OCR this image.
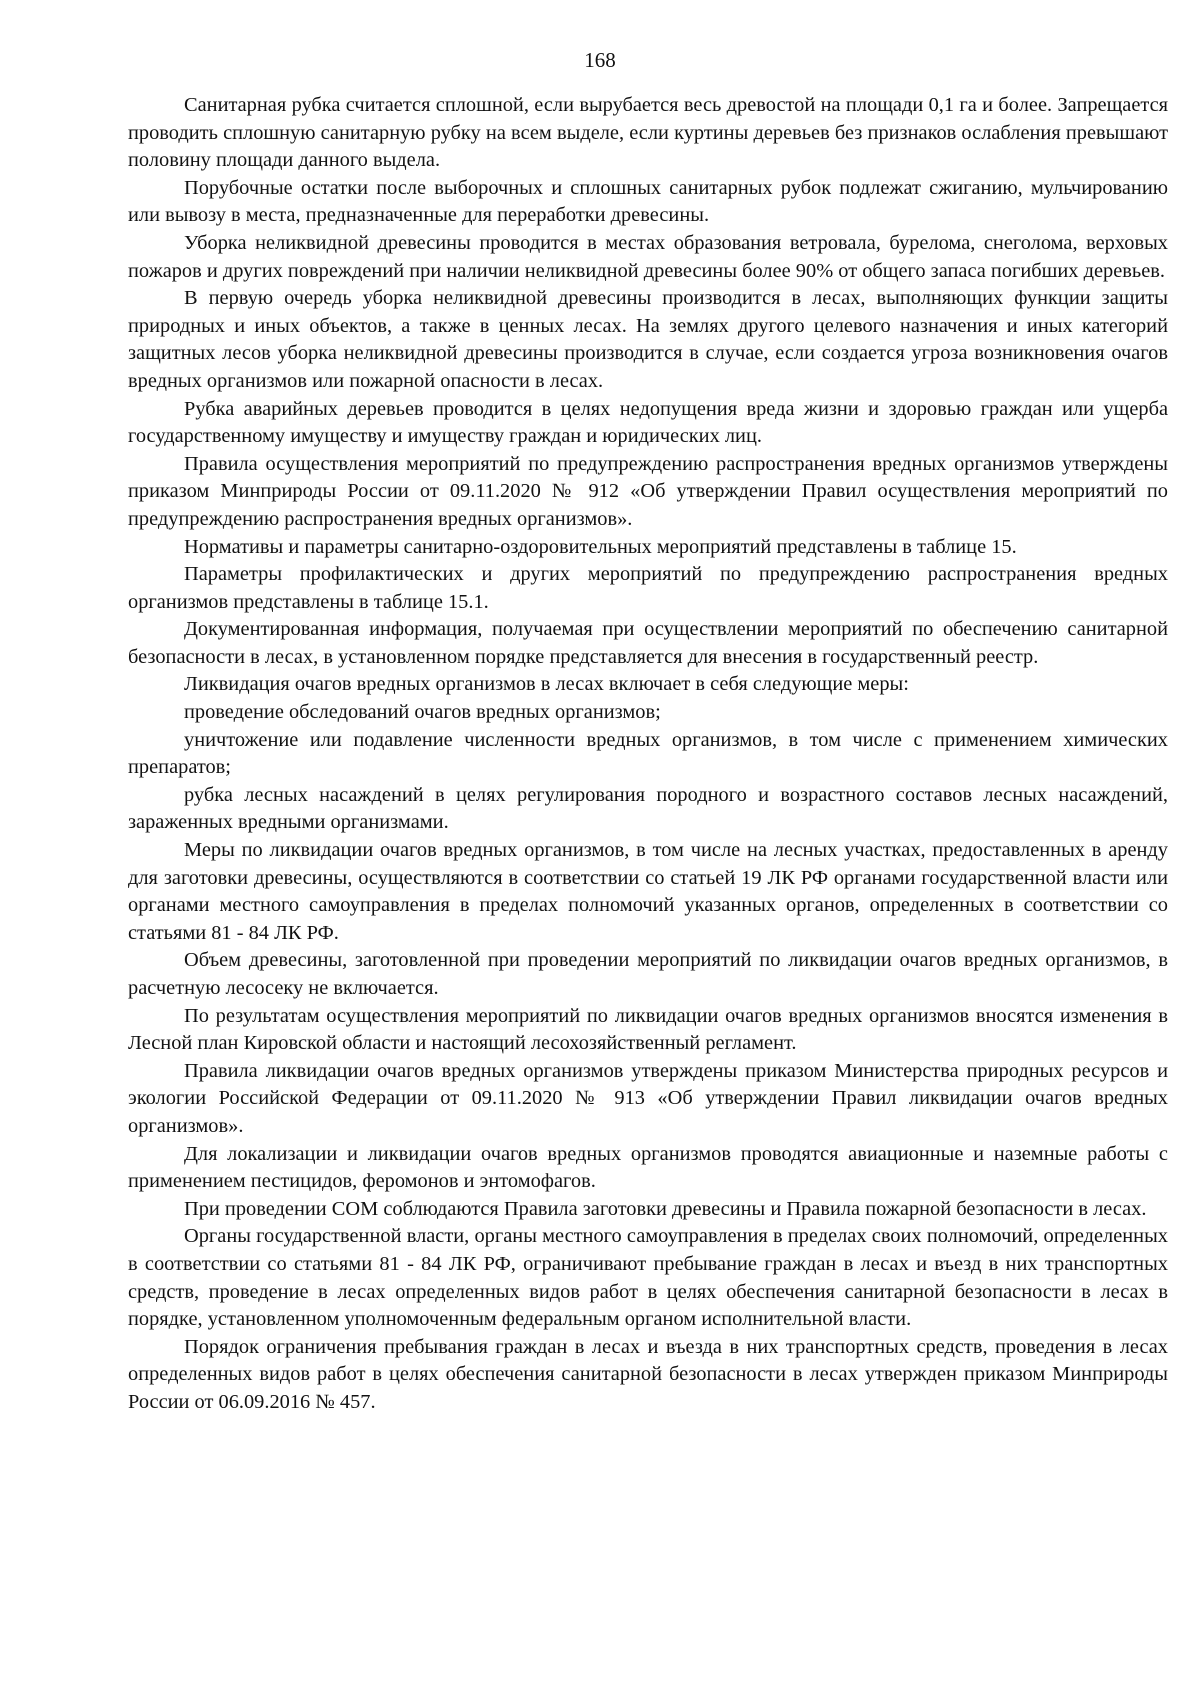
168

Санитарная рубка считается сплошной, если вырубается весь древостой на площади 0,1 га и более. Запрещается проводить сплошную санитарную рубку на всем выделе, если куртины деревьев без признаков ослабления превышают половину площади данного выдела.

Порубочные остатки после выборочных и сплошных санитарных рубок подлежат сжиганию, мульчированию или вывозу в места, предназначенные для переработки древесины.

Уборка неликвидной древесины проводится в местах образования ветровала, бурелома, снеголома, верховых пожаров и других повреждений при наличии неликвидной древесины более 90% от общего запаса погибших деревьев.

В первую очередь уборка неликвидной древесины производится в лесах, выполняющих функции защиты природных и иных объектов, а также в ценных лесах. На землях другого целевого назначения и иных категорий защитных лесов уборка неликвидной древесины производится в случае, если создается угроза возникновения очагов вредных организмов или пожарной опасности в лесах.

Рубка аварийных деревьев проводится в целях недопущения вреда жизни и здоровью граждан или ущерба государственному имуществу и имуществу граждан и юридических лиц.

Правила осуществления мероприятий по предупреждению распространения вредных организмов утверждены приказом Минприроды России от 09.11.2020 № 912 «Об утверждении Правил осуществления мероприятий по предупреждению распространения вредных организмов».

Нормативы и параметры санитарно-оздоровительных мероприятий представлены в таблице 15.

Параметры профилактических и других мероприятий по предупреждению распространения вредных организмов представлены в таблице 15.1.

Документированная информация, получаемая при осуществлении мероприятий по обеспечению санитарной безопасности в лесах, в установленном порядке представляется для внесения в государственный реестр.

Ликвидация очагов вредных организмов в лесах включает в себя следующие меры:

проведение обследований очагов вредных организмов;

уничтожение или подавление численности вредных организмов, в том числе с применением химических препаратов;

рубка лесных насаждений в целях регулирования породного и возрастного составов лесных насаждений, зараженных вредными организмами.

Меры по ликвидации очагов вредных организмов, в том числе на лесных участках, предоставленных в аренду для заготовки древесины, осуществляются в соответствии со статьей 19 ЛК РФ органами государственной власти или органами местного самоуправления в пределах полномочий указанных органов, определенных в соответствии со статьями 81 - 84 ЛК РФ.

Объем древесины, заготовленной при проведении мероприятий по ликвидации очагов вредных организмов, в расчетную лесосеку не включается.

По результатам осуществления мероприятий по ликвидации очагов вредных организмов вносятся изменения в Лесной план Кировской области и настоящий лесохозяйственный регламент.

Правила ликвидации очагов вредных организмов утверждены приказом Министерства природных ресурсов и экологии Российской Федерации от 09.11.2020 № 913 «Об утверждении Правил ликвидации очагов вредных организмов».

Для локализации и ликвидации очагов вредных организмов проводятся авиационные и наземные работы с применением пестицидов, феромонов и энтомофагов.

При проведении СОМ соблюдаются Правила заготовки древесины и Правила пожарной безопасности в лесах.

Органы государственной власти, органы местного самоуправления в пределах своих полномочий, определенных в соответствии со статьями 81 - 84 ЛК РФ, ограничивают пребывание граждан в лесах и въезд в них транспортных средств, проведение в лесах определенных видов работ в целях обеспечения санитарной безопасности в лесах в порядке, установленном уполномоченным федеральным органом исполнительной власти.

Порядок ограничения пребывания граждан в лесах и въезда в них транспортных средств, проведения в лесах определенных видов работ в целях обеспечения санитарной безопасности в лесах утвержден приказом Минприроды России от 06.09.2016 № 457.
